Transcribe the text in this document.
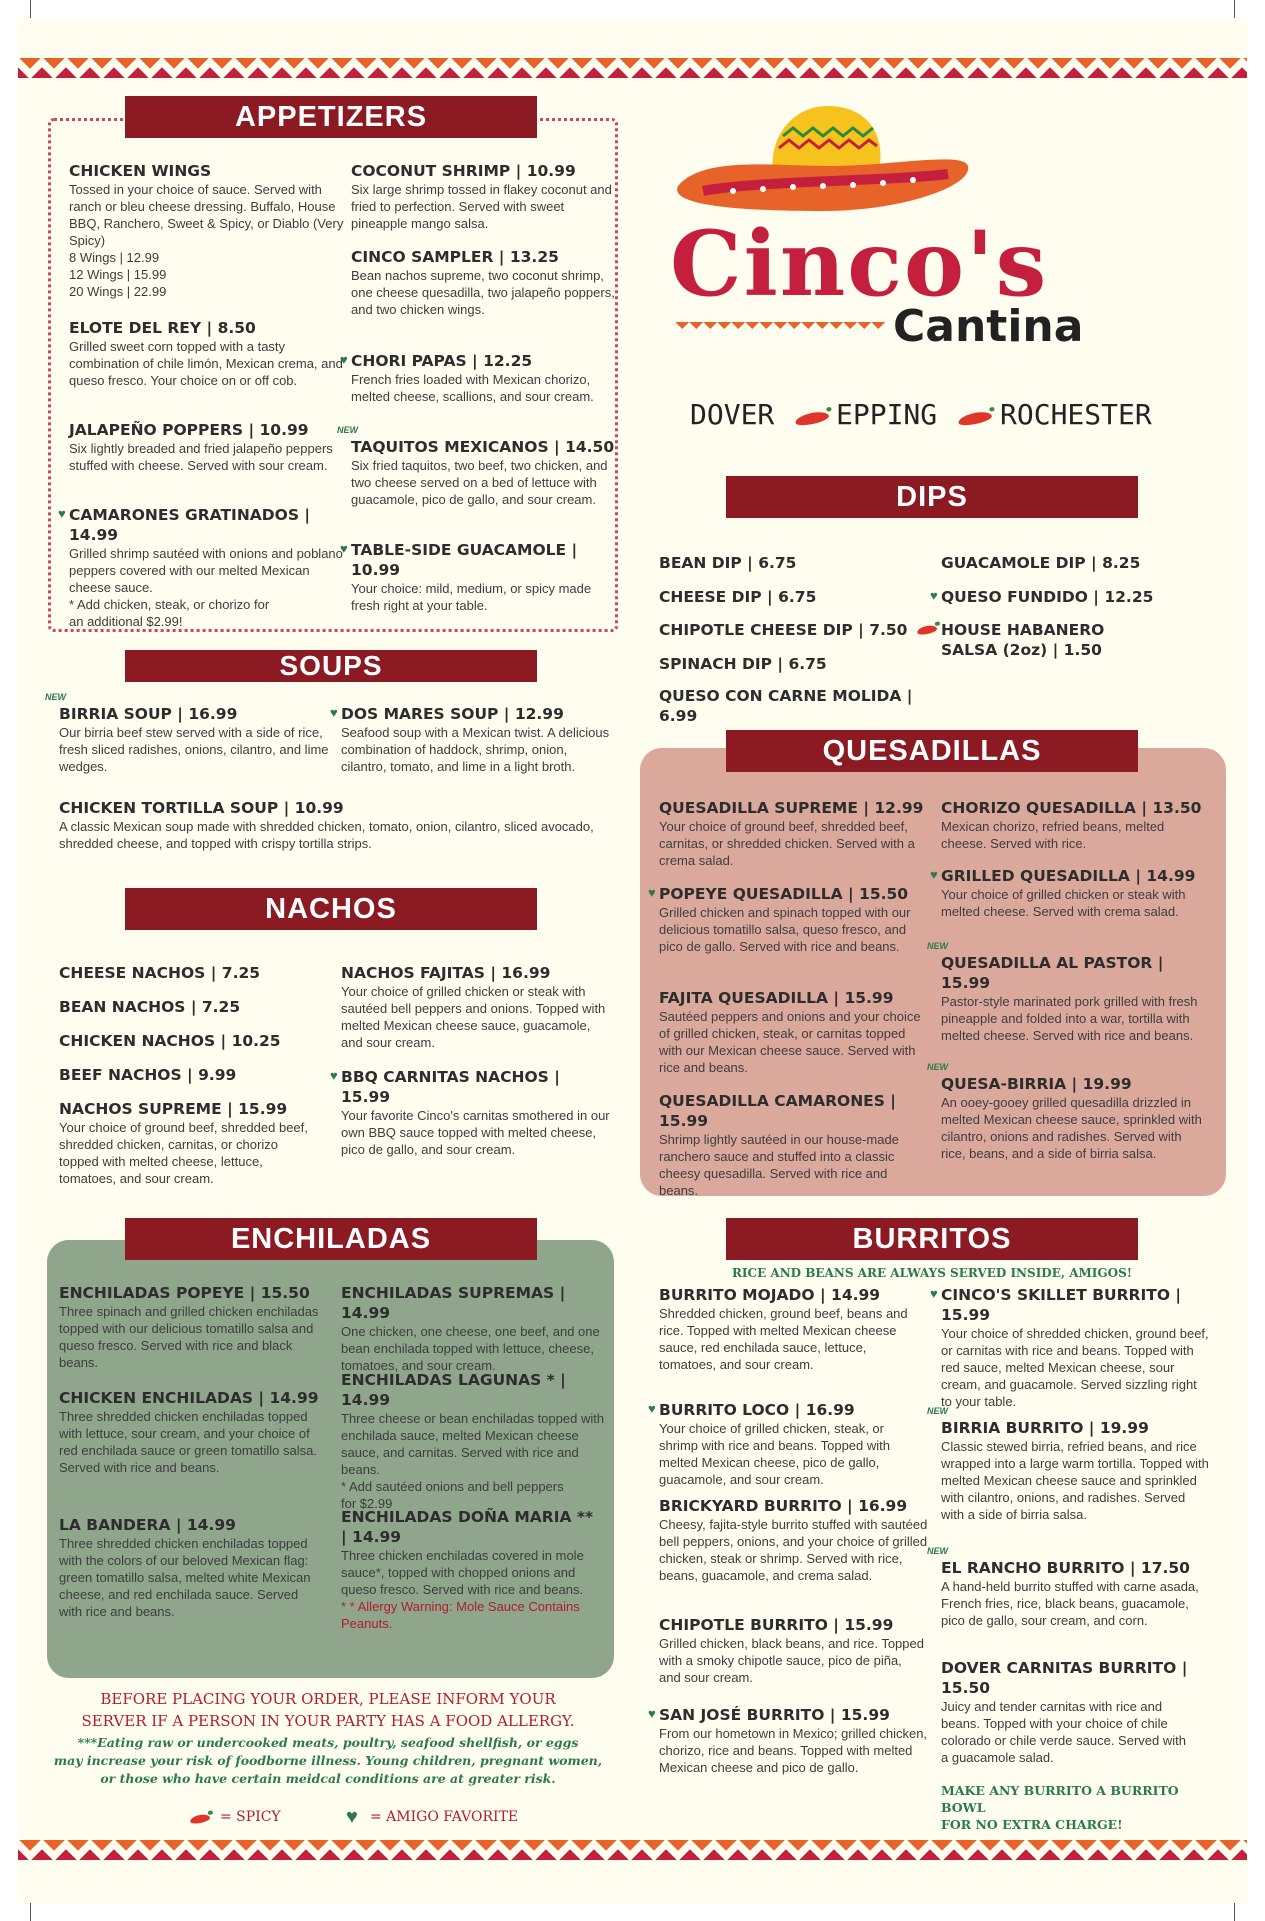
APPETIZERS
CHICKEN WINGS
Tossed in your choice of sauce. Served with ranch or bleu cheese dressing. Buffalo, House BBQ, Ranchero, Sweet & Spicy, or Diablo (Very Spicy)
8 Wings | 12.99
12 Wings | 15.99
20 Wings | 22.99
ELOTE DEL REY | 8.50
Grilled sweet corn topped with a tasty combination of chile limón, Mexican crema, and queso fresco. Your choice on or off cob.
JALAPEÑO POPPERS | 10.99
Six lightly breaded and fried jalapeño peppers stuffed with cheese. Served with sour cream.
♥ CAMARONES GRATINADOS | 14.99
Grilled shrimp sautéed with onions and poblano peppers covered with our melted Mexican cheese sauce.
* Add chicken, steak, or chorizo for
an additional $2.99!
COCONUT SHRIMP | 10.99
Six large shrimp tossed in flakey coconut and fried to perfection. Served with sweet pineapple mango salsa.
CINCO SAMPLER | 13.25
Bean nachos supreme, two coconut shrimp, one cheese quesadilla, two jalapeño poppers, and two chicken wings.
♥ CHORI PAPAS | 12.25
French fries loaded with Mexican chorizo, melted cheese, scallions, and sour cream.
NEW
TAQUITOS MEXICANOS | 14.50
Six fried taquitos, two beef, two chicken, and two cheese served on a bed of lettuce with guacamole, pico de gallo, and sour cream.
♥ TABLE-SIDE GUACAMOLE | 10.99
Your choice: mild, medium, or spicy made fresh right at your table.
SOUPS
NEW
BIRRIA SOUP | 16.99
Our birria beef stew served with a side of rice, fresh sliced radishes, onions, cilantro, and lime wedges.
♥ DOS MARES SOUP | 12.99
Seafood soup with a Mexican twist. A delicious combination of haddock, shrimp, onion, cilantro, tomato, and lime in a light broth.
CHICKEN TORTILLA SOUP | 10.99
A classic Mexican soup made with shredded chicken, tomato, onion, cilantro, sliced avocado, shredded cheese, and topped with crispy tortilla strips.
NACHOS
CHEESE NACHOS | 7.25
BEAN NACHOS | 7.25
CHICKEN NACHOS | 10.25
BEEF NACHOS | 9.99
NACHOS SUPREME | 15.99
Your choice of ground beef, shredded beef, shredded chicken, carnitas, or chorizo topped with melted cheese, lettuce, tomatoes, and sour cream.
NACHOS FAJITAS | 16.99
Your choice of grilled chicken or steak with sautéed bell peppers and onions. Topped with melted Mexican cheese sauce, guacamole, and sour cream.
♥ BBQ CARNITAS NACHOS | 15.99
Your favorite Cinco's carnitas smothered in our own BBQ sauce topped with melted cheese, pico de gallo, and sour cream.
ENCHILADAS
ENCHILADAS POPEYE | 15.50
Three spinach and grilled chicken enchiladas topped with our delicious tomatillo salsa and queso fresco. Served with rice and black beans.
CHICKEN ENCHILADAS | 14.99
Three shredded chicken enchiladas topped with lettuce, sour cream, and your choice of red enchilada sauce or green tomatillo salsa. Served with rice and beans.
LA BANDERA | 14.99
Three shredded chicken enchiladas topped with the colors of our beloved Mexican flag: green tomatillo salsa, melted white Mexican cheese, and red enchilada sauce. Served with rice and beans.
ENCHILADAS SUPREMAS | 14.99
One chicken, one cheese, one beef, and one bean enchilada topped with lettuce, cheese, tomatoes, and sour cream.
ENCHILADAS LAGUNAS * | 14.99
Three cheese or bean enchiladas topped with enchilada sauce, melted Mexican cheese sauce, and carnitas. Served with rice and beans.
* Add sautéed onions and bell peppers
for $2.99
ENCHILADAS DOÑA MARIA ** | 14.99
Three chicken enchiladas covered in mole sauce*, topped with chopped onions and queso fresco. Served with rice and beans.
* * Allergy Warning: Mole Sauce Contains Peanuts.
BEFORE PLACING YOUR ORDER, PLEASE INFORM YOUR
SERVER IF A PERSON IN YOUR PARTY HAS A FOOD ALLERGY.
***Eating raw or undercooked meats, poultry, seafood shellfish, or eggs
may increase your risk of foodborne illness. Young children, pregnant women,
or those who have certain meidcal conditions are at greater risk.
= SPICY	♥ = AMIGO FAVORITE
Cinco's
Cantina
DOVER EPPING ROCHESTER
DIPS
BEAN DIP | 6.75
CHEESE DIP | 6.75
CHIPOTLE CHEESE DIP | 7.50
SPINACH DIP | 6.75
QUESO CON CARNE MOLIDA | 6.99
GUACAMOLE DIP | 8.25
♥ QUESO FUNDIDO | 12.25
HOUSE HABANERO SALSA (2oz) | 1.50
QUESADILLAS
QUESADILLA SUPREME | 12.99
Your choice of ground beef, shredded beef, carnitas, or shredded chicken. Served with a crema salad.
♥ POPEYE QUESADILLA | 15.50
Grilled chicken and spinach topped with our delicious tomatillo salsa, queso fresco, and pico de gallo. Served with rice and beans.
FAJITA QUESADILLA | 15.99
Sautéed peppers and onions and your choice of grilled chicken, steak, or carnitas topped with our Mexican cheese sauce. Served with rice and beans.
QUESADILLA CAMARONES | 15.99
Shrimp lightly sautéed in our house-made ranchero sauce and stuffed into a classic cheesy quesadilla. Served with rice and beans.
CHORIZO QUESADILLA | 13.50
Mexican chorizo, refried beans, melted cheese. Served with rice.
♥ GRILLED QUESADILLA | 14.99
Your choice of grilled chicken or steak with melted cheese. Served with crema salad.
NEW
QUESADILLA AL PASTOR | 15.99
Pastor-style marinated pork grilled with fresh pineapple and folded into a war, tortilla with melted cheese. Served with rice and beans.
NEW
QUESA-BIRRIA | 19.99
An ooey-gooey grilled quesadilla drizzled in melted Mexican cheese sauce, sprinkled with cilantro, onions and radishes. Served with rice, beans, and a side of birria salsa.
BURRITOS
RICE AND BEANS ARE ALWAYS SERVED INSIDE, AMIGOS!
BURRITO MOJADO | 14.99
Shredded chicken, ground beef, beans and rice. Topped with melted Mexican cheese sauce, red enchilada sauce, lettuce, tomatoes, and sour cream.
♥ BURRITO LOCO | 16.99
Your choice of grilled chicken, steak, or shrimp with rice and beans. Topped with melted Mexican cheese, pico de gallo, guacamole, and sour cream.
BRICKYARD BURRITO | 16.99
Cheesy, fajita-style burrito stuffed with sautéed bell peppers, onions, and your choice of grilled chicken, steak or shrimp. Served with rice, beans, guacamole, and crema salad.
CHIPOTLE BURRITO | 15.99
Grilled chicken, black beans, and rice. Topped with a smoky chipotle sauce, pico de piña, and sour cream.
♥ SAN JOSÉ BURRITO | 15.99
From our hometown in Mexico; grilled chicken, chorizo, rice and beans. Topped with melted Mexican cheese and pico de gallo.
♥ CINCO'S SKILLET BURRITO | 15.99
Your choice of shredded chicken, ground beef, or carnitas with rice and beans. Topped with red sauce, melted Mexican cheese, sour cream, and guacamole. Served sizzling right to your table.
NEW
BIRRIA BURRITO | 19.99
Classic stewed birria, refried beans, and rice wrapped into a large warm tortilla. Topped with melted Mexican cheese sauce and sprinkled with cilantro, onions, and radishes. Served with a side of birria salsa.
NEW
EL RANCHO BURRITO | 17.50
A hand-held burrito stuffed with carne asada, French fries, rice, black beans, guacamole, pico de gallo, sour cream, and corn.
DOVER CARNITAS BURRITO | 15.50
Juicy and tender carnitas with rice and beans. Topped with your choice of chile colorado or chile verde sauce. Served with a guacamole salad.
MAKE ANY BURRITO A BURRITO BOWL
FOR NO EXTRA CHARGE!
